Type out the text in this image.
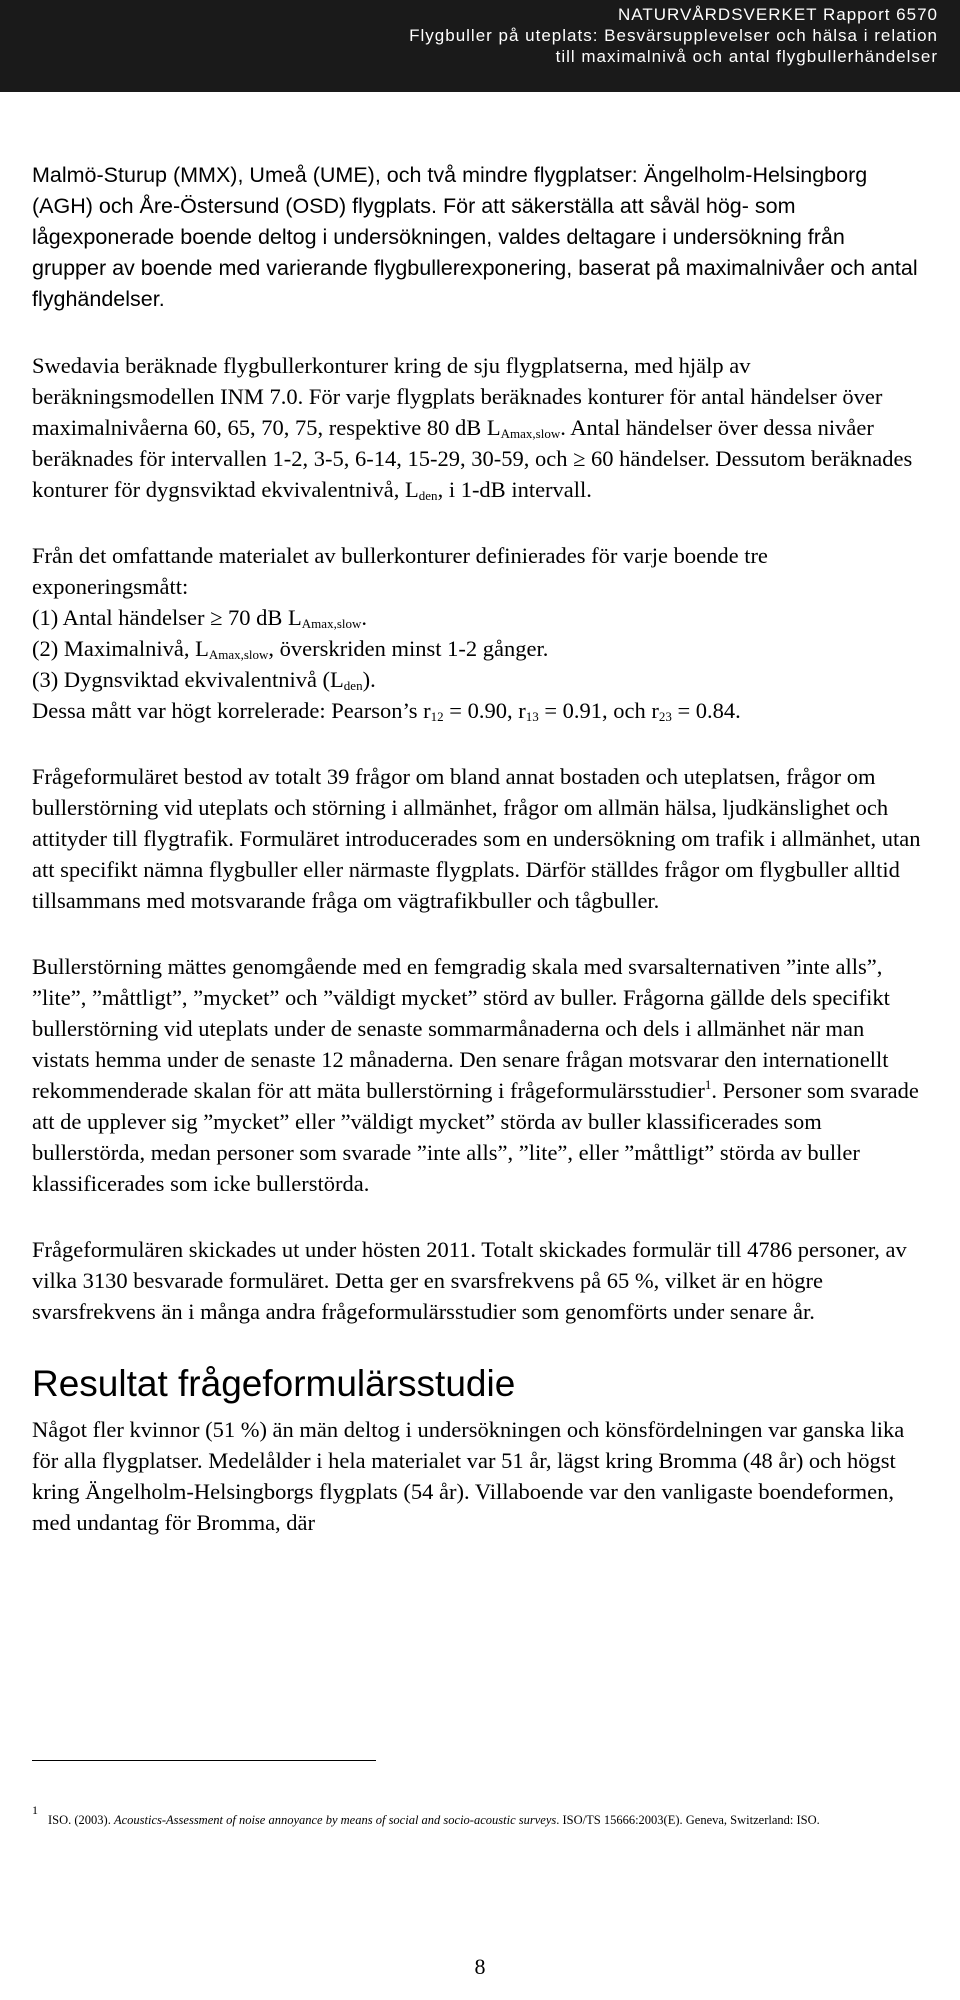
NATURVÅRDSVERKET Rapport 6570
Flygbuller på uteplats: Besvärsupplevelser och hälsa i relation
till maximalnivå och antal flygbullerhändelser

Malmö-Sturup (MMX), Umeå (UME), och två mindre flygplatser: Ängelholm-Helsingborg (AGH) och Åre-Östersund (OSD) flygplats. För att säkerställa att såväl hög- som lågexponerade boende deltog i undersökningen, valdes deltagare i undersökning från grupper av boende med varierande flygbullerexponering, baserat på maximalnivåer och antal flyghändelser.

Swedavia beräknade flygbullerkonturer kring de sju flygplatserna, med hjälp av beräkningsmodellen INM 7.0. För varje flygplats beräknades konturer för antal händelser över maximalnivåerna 60, 65, 70, 75, respektive 80 dB $L_{Amax,slow}$. Antal händelser över dessa nivåer beräknades för intervallen 1-2, 3-5, 6-14, 15-29, 30-59, och ≥ 60 händelser. Dessutom beräknades konturer för dygnsviktad ekvivalentnivå, $L_{den}$, i 1-dB intervall.

Från det omfattande materialet av bullerkonturer definierades för varje boende tre exponeringsmått:
(1) Antal händelser ≥ 70 dB $L_{Amax,slow}$.
(2) Maximalnivå, $L_{Amax,slow}$, överskriden minst 1-2 gånger.
(3) Dygnsviktad ekvivalentnivå $(L_{den})$.
Dessa mått var högt korrelerade: Pearson’s $r_{12} = 0.90$, $r_{13} = 0.91$, och $r_{23} = 0.84$.

Frågeformuläret bestod av totalt 39 frågor om bland annat bostaden och uteplatsen, frågor om bullerstörning vid uteplats och störning i allmänhet, frågor om allmän hälsa, ljudkänslighet och attityder till flygtrafik. Formuläret introducerades som en undersökning om trafik i allmänhet, utan att specifikt nämna flygbuller eller närmaste flygplats. Därför ställdes frågor om flygbuller alltid tillsammans med motsvarande fråga om vägtrafikbuller och tågbuller.

Bullerstörning mättes genomgående med en femgradig skala med svarsalternativen ”inte alls”, ”lite”, ”måttligt”, ”mycket” och ”väldigt mycket” störd av buller. Frågorna gällde dels specifikt bullerstörning vid uteplats under de senaste sommarmånaderna och dels i allmänhet när man vistats hemma under de senaste 12 månaderna. Den senare frågan motsvarar den internationellt rekommenderade skalan för att mäta bullerstörning i frågeformulärsstudier$^1$. Personer som svarade att de upplever sig ”mycket” eller ”väldigt mycket” störda av buller klassificerades som bullerstörda, medan personer som svarade ”inte alls”, ”lite”, eller ”måttligt” störda av buller klassificerades som icke bullerstörda.

Frågeformulären skickades ut under hösten 2011. Totalt skickades formulär till 4786 personer, av vilka 3130 besvarade formuläret. Detta ger en svarsfrekvens på 65 %, vilket är en högre svarsfrekvens än i många andra frågeformulärsstudier som genomförts under senare år.

Resultat frågeformulärsstudie

Något fler kvinnor (51 %) än män deltog i undersökningen och könsfördelningen var ganska lika för alla flygplatser. Medelålder i hela materialet var 51 år, lägst kring Bromma (48 år) och högst kring Ängelholm-Helsingborgs flygplats (54 år). Villaboende var den vanligaste boendeformen, med undantag för Bromma, där

1
ISO. (2003). Acoustics-Assessment of noise annoyance by means of social and socio-acoustic surveys. ISO/TS 15666:2003(E). Geneva, Switzerland: ISO.
8
